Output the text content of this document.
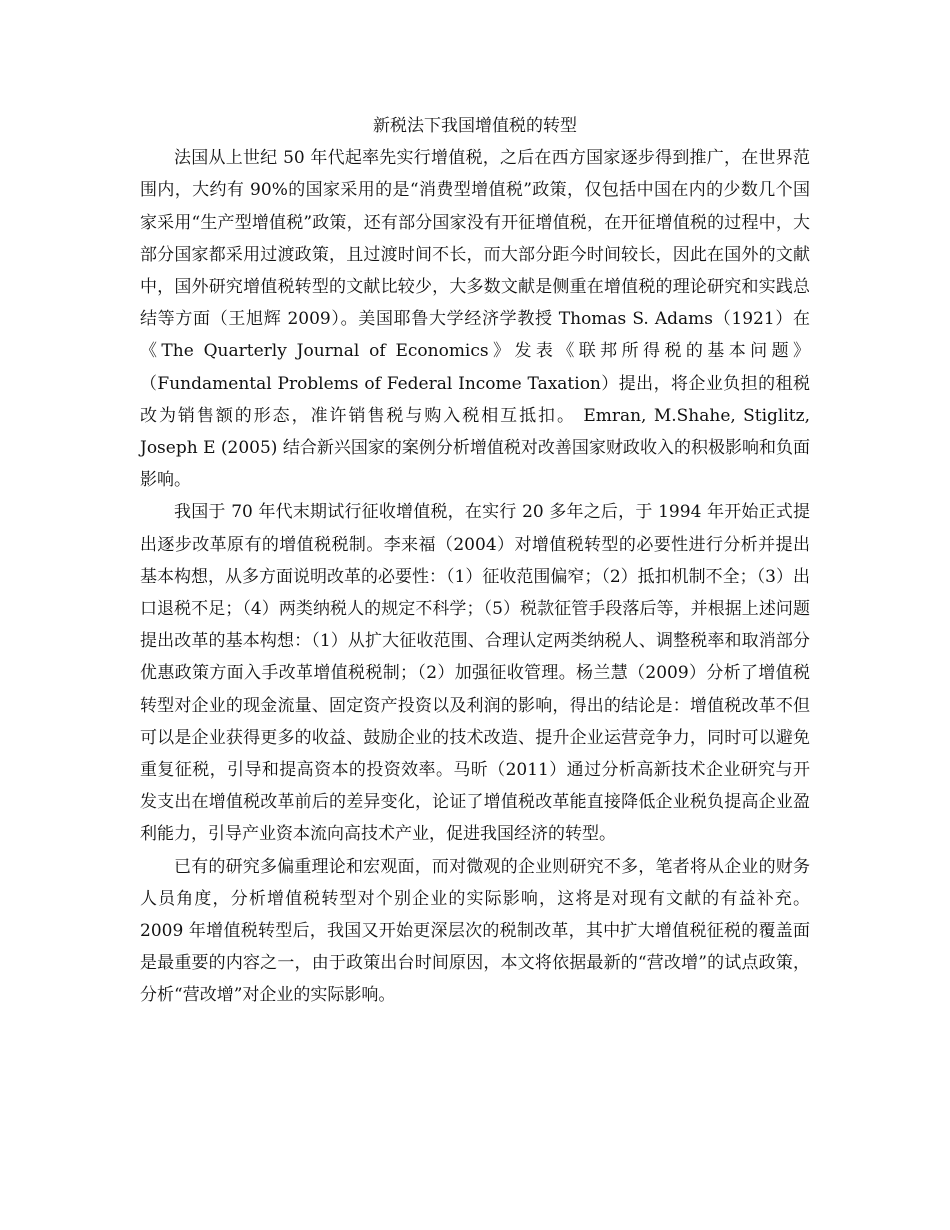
新税法下我国增值税的转型

法国从上世纪 50 年代起率先实行增值税，之后在西方国家逐步得到推广，在世界范围内，大约有 90%的国家采用的是“消费型增值税”政策，仅包括中国在内的少数几个国家采用“生产型增值税”政策，还有部分国家没有开征增值税，在开征增值税的过程中，大部分国家都采用过渡政策，且过渡时间不长，而大部分距今时间较长，因此在国外的文献中，国外研究增值税转型的文献比较少，大多数文献是侧重在增值税的理论研究和实践总结等方面（王旭辉 2009）。美国耶鲁大学经济学教授 Thomas S. Adams（1921）在《The Quarterly Journal of Economics》发表《联邦所得税的基本问题》（Fundamental Problems of Federal Income Taxation）提出，将企业负担的租税改为销售额的形态，准许销售税与购入税相互抵扣。 Emran, M.Shahe, Stiglitz, Joseph E (2005) 结合新兴国家的案例分析增值税对改善国家财政收入的积极影响和负面影响。

我国于 70 年代末期试行征收增值税，在实行 20 多年之后，于 1994 年开始正式提出逐步改革原有的增值税税制。李来福（2004）对增值税转型的必要性进行分析并提出基本构想，从多方面说明改革的必要性：（1）征收范围偏窄；（2）抵扣机制不全；（3）出口退税不足；（4）两类纳税人的规定不科学；（5）税款征管手段落后等，并根据上述问题提出改革的基本构想：（1）从扩大征收范围、合理认定两类纳税人、调整税率和取消部分优惠政策方面入手改革增值税税制；（2）加强征收管理。杨兰慧（2009）分析了增值税转型对企业的现金流量、固定资产投资以及利润的影响，得出的结论是：增值税改革不但可以是企业获得更多的收益、鼓励企业的技术改造、提升企业运营竞争力，同时可以避免重复征税，引导和提高资本的投资效率。马昕（2011）通过分析高新技术企业研究与开发支出在增值税改革前后的差异变化，论证了增值税改革能直接降低企业税负提高企业盈利能力，引导产业资本流向高技术产业，促进我国经济的转型。

已有的研究多偏重理论和宏观面，而对微观的企业则研究不多，笔者将从企业的财务人员角度，分析增值税转型对个别企业的实际影响，这将是对现有文献的有益补充。2009 年增值税转型后，我国又开始更深层次的税制改革，其中扩大增值税征税的覆盖面是最重要的内容之一，由于政策出台时间原因，本文将依据最新的“营改增”的试点政策，分析“营改增”对企业的实际影响。
